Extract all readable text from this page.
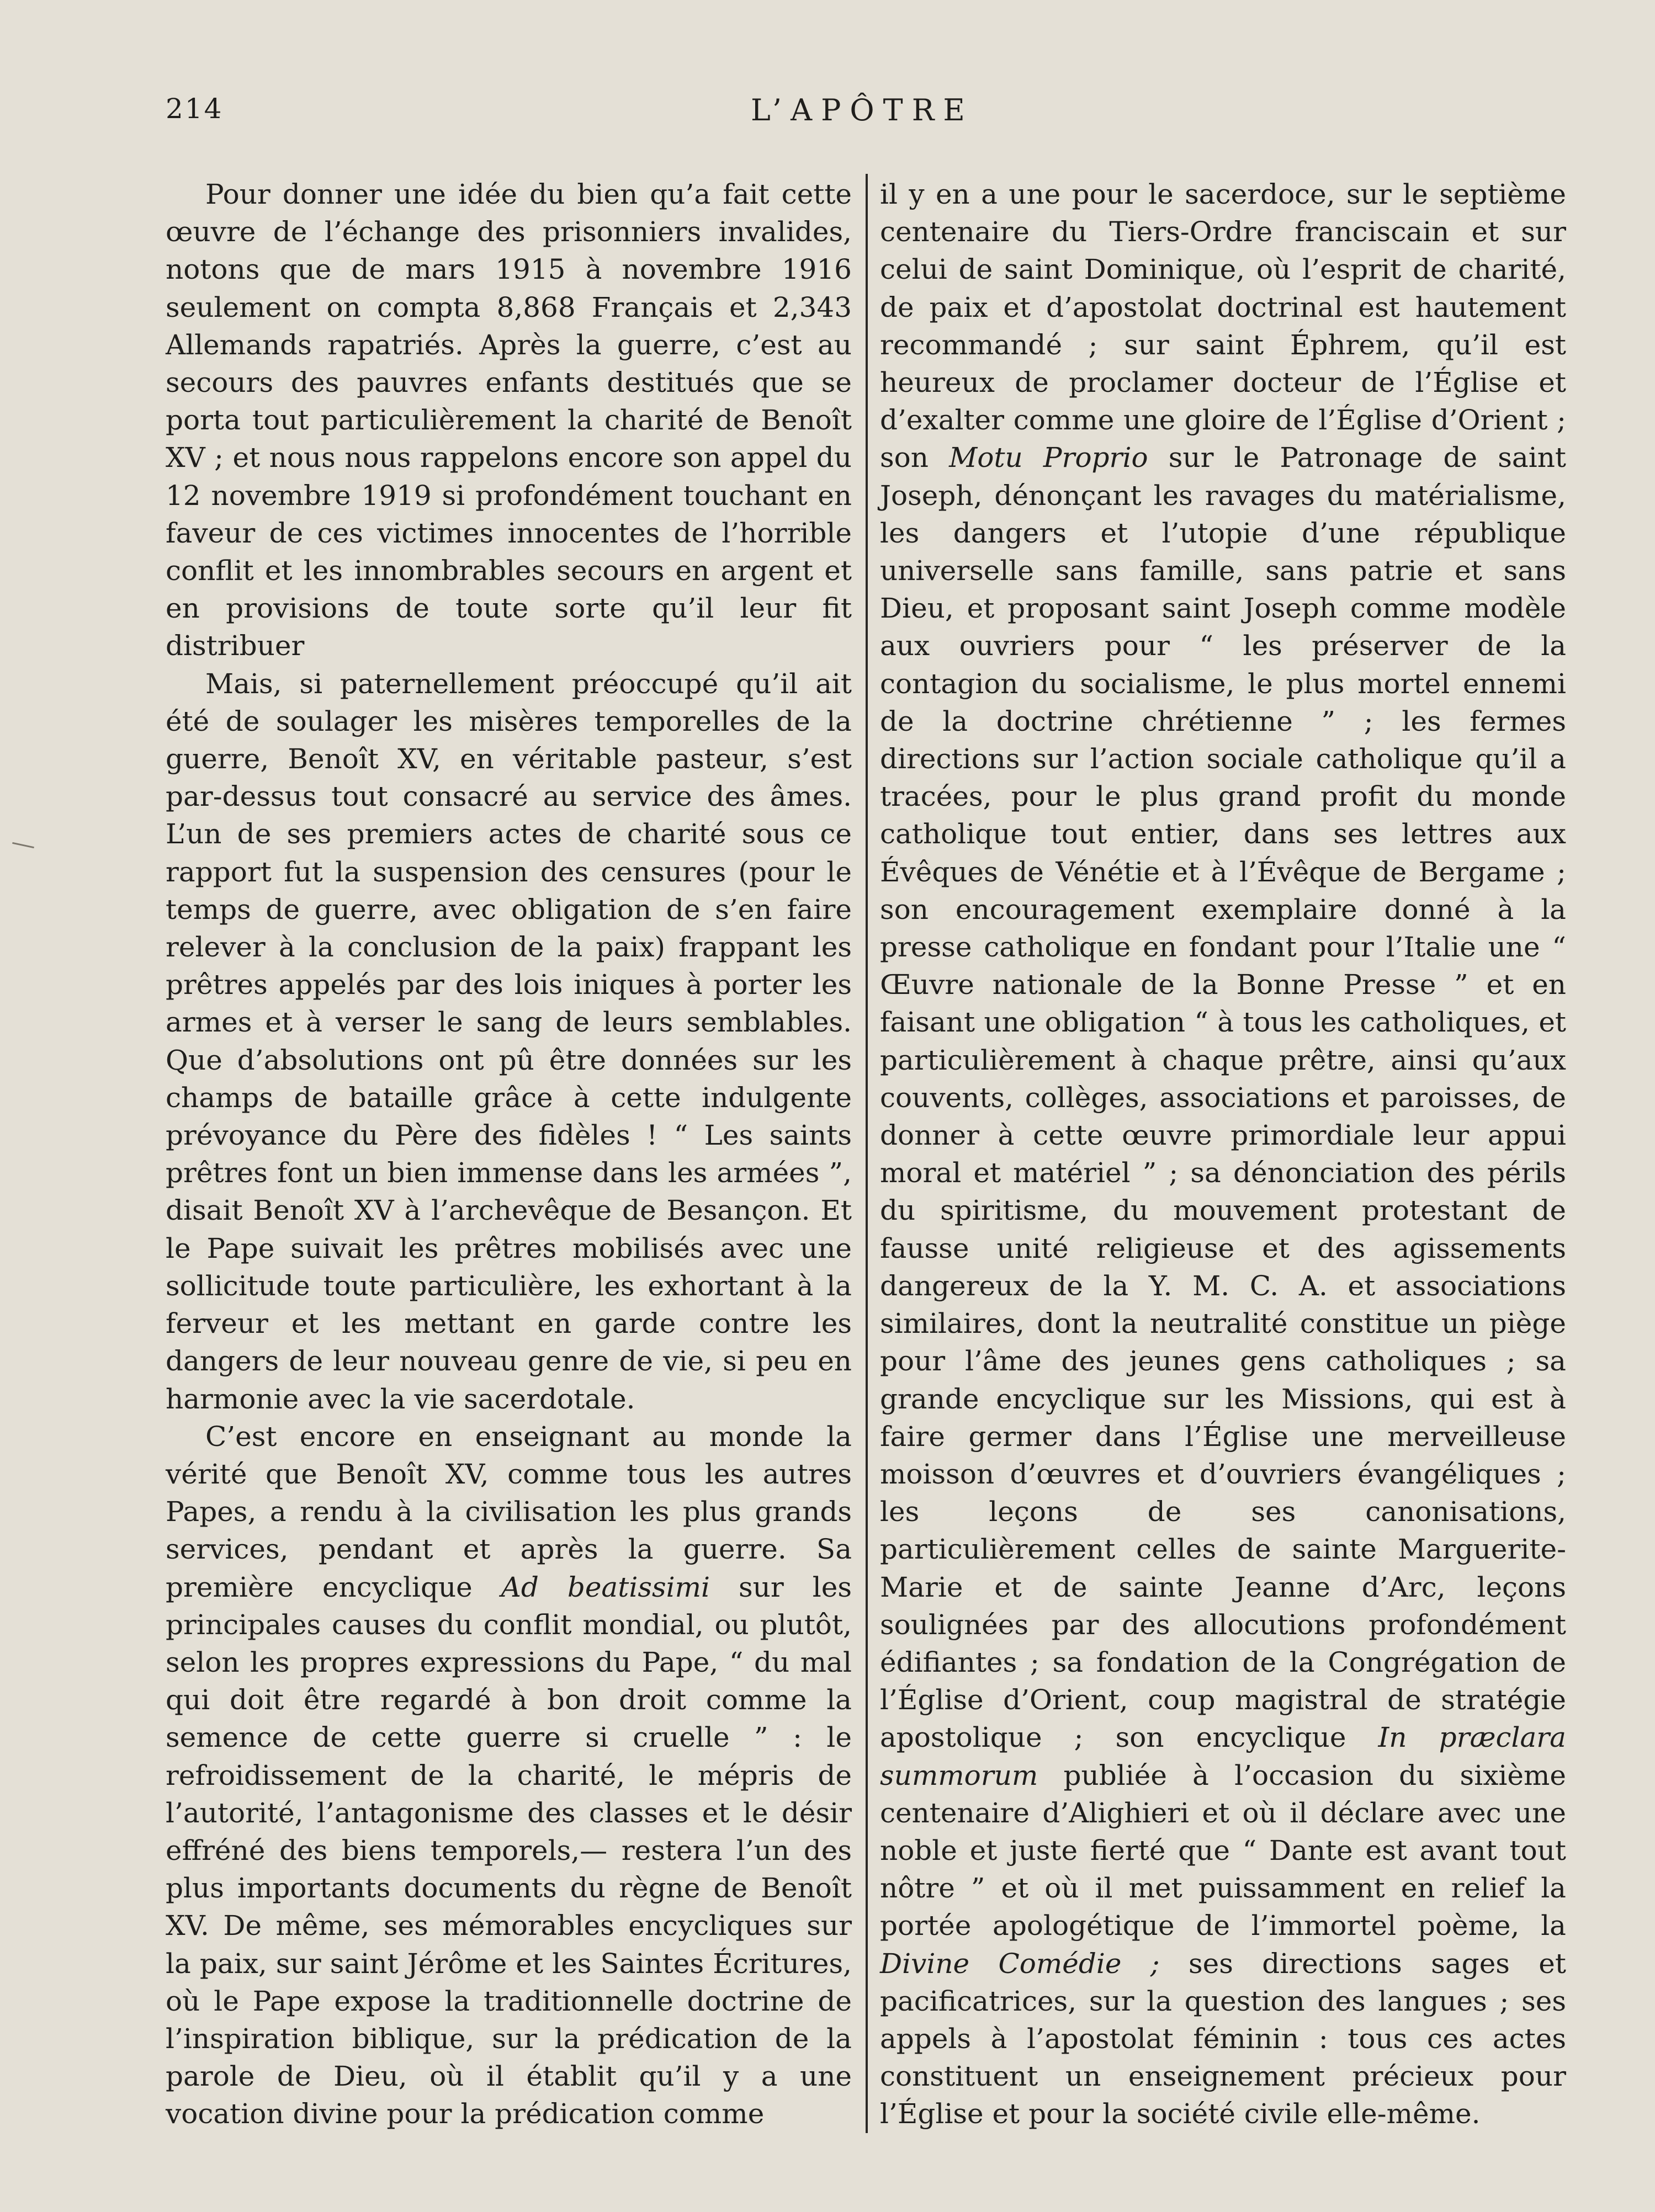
214	L’APÔTRE

Pour donner une idée du bien qu’a fait cette œuvre de l’échange des prisonniers invalides, notons que de mars 1915 à novembre 1916 seulement on compta 8,868 Français et 2,343 Allemands rapatriés. Après la guerre, c’est au secours des pauvres enfants destitués que se porta tout particulièrement la charité de Benoît XV ; et nous nous rappelons encore son appel du 12 novembre 1919 si profondément touchant en faveur de ces victimes innocentes de l’horrible conflit et les innombrables secours en argent et en provisions de toute sorte qu’il leur fit distribuer

Mais, si paternellement préoccupé qu’il ait été de soulager les misères temporelles de la guerre, Benoît XV, en véritable pasteur, s’est par-dessus tout consacré au service des âmes. L’un de ses premiers actes de charité sous ce rapport fut la suspension des censures (pour le temps de guerre, avec obligation de s’en faire relever à la conclusion de la paix) frappant les prêtres appelés par des lois iniques à porter les armes et à verser le sang de leurs semblables. Que d’absolutions ont pû être données sur les champs de bataille grâce à cette indulgente prévoyance du Père des fidèles ! “ Les saints prêtres font un bien immense dans les armées ”, disait Benoît XV à l’archevêque de Besançon. Et le Pape suivait les prêtres mobilisés avec une sollicitude toute particulière, les exhortant à la ferveur et les mettant en garde contre les dangers de leur nouveau genre de vie, si peu en harmonie avec la vie sacerdotale.

C’est encore en enseignant au monde la vérité que Benoît XV, comme tous les autres Papes, a rendu à la civilisation les plus grands services, pendant et après la guerre. Sa première encyclique Ad beatissimi sur les principales causes du conflit mondial, ou plutôt, selon les propres expressions du Pape, “ du mal qui doit être regardé à bon droit comme la semence de cette guerre si cruelle ” : le refroidissement de la charité, le mépris de l’autorité, l’antagonisme des classes et le désir effréné des biens temporels,— restera l’un des plus importants documents du règne de Benoît XV. De même, ses mémorables encycliques sur la paix, sur saint Jérôme et les Saintes Écritures, où le Pape expose la traditionnelle doctrine de l’inspiration biblique, sur la prédication de la parole de Dieu, où il établit qu’il y a une vocation divine pour la prédication comme

il y en a une pour le sacerdoce, sur le septième centenaire du Tiers-Ordre franciscain et sur celui de saint Dominique, où l’esprit de charité, de paix et d’apostolat doctrinal est hautement recommandé ; sur saint Éphrem, qu’il est heureux de proclamer docteur de l’Église et d’exalter comme une gloire de l’Église d’Orient ; son Motu Proprio sur le Patronage de saint Joseph, dénonçant les ravages du matérialisme, les dangers et l’utopie d’une république universelle sans famille, sans patrie et sans Dieu, et proposant saint Joseph comme modèle aux ouvriers pour “ les préserver de la contagion du socialisme, le plus mortel ennemi de la doctrine chrétienne ” ; les fermes directions sur l’action sociale catholique qu’il a tracées, pour le plus grand profit du monde catholique tout entier, dans ses lettres aux Évêques de Vénétie et à l’Évêque de Bergame ; son encouragement exemplaire donné à la presse catholique en fondant pour l’Italie une “ Œuvre nationale de la Bonne Presse ” et en faisant une obligation “ à tous les catholiques, et particulièrement à chaque prêtre, ainsi qu’aux couvents, collèges, associations et paroisses, de donner à cette œuvre primordiale leur appui moral et matériel ” ; sa dénonciation des périls du spiritisme, du mouvement protestant de fausse unité religieuse et des agissements dangereux de la Y. M. C. A. et associations similaires, dont la neutralité constitue un piège pour l’âme des jeunes gens catholiques ; sa grande encyclique sur les Missions, qui est à faire germer dans l’Église une merveilleuse moisson d’œuvres et d’ouvriers évangéliques ; les leçons de ses canonisations, particulièrement celles de sainte Marguerite-Marie et de sainte Jeanne d’Arc, leçons soulignées par des allocutions profondément édifiantes ; sa fondation de la Congrégation de l’Église d’Orient, coup magistral de stratégie apostolique ; son encyclique In præclara summorum publiée à l’occasion du sixième centenaire d’Alighieri et où il déclare avec une noble et juste fierté que “ Dante est avant tout nôtre ” et où il met puissamment en relief la portée apologétique de l’immortel poème, la Divine Comédie ; ses directions sages et pacificatrices, sur la question des langues ; ses appels à l’apostolat féminin : tous ces actes constituent un enseignement précieux pour l’Église et pour la société civile elle-même.
